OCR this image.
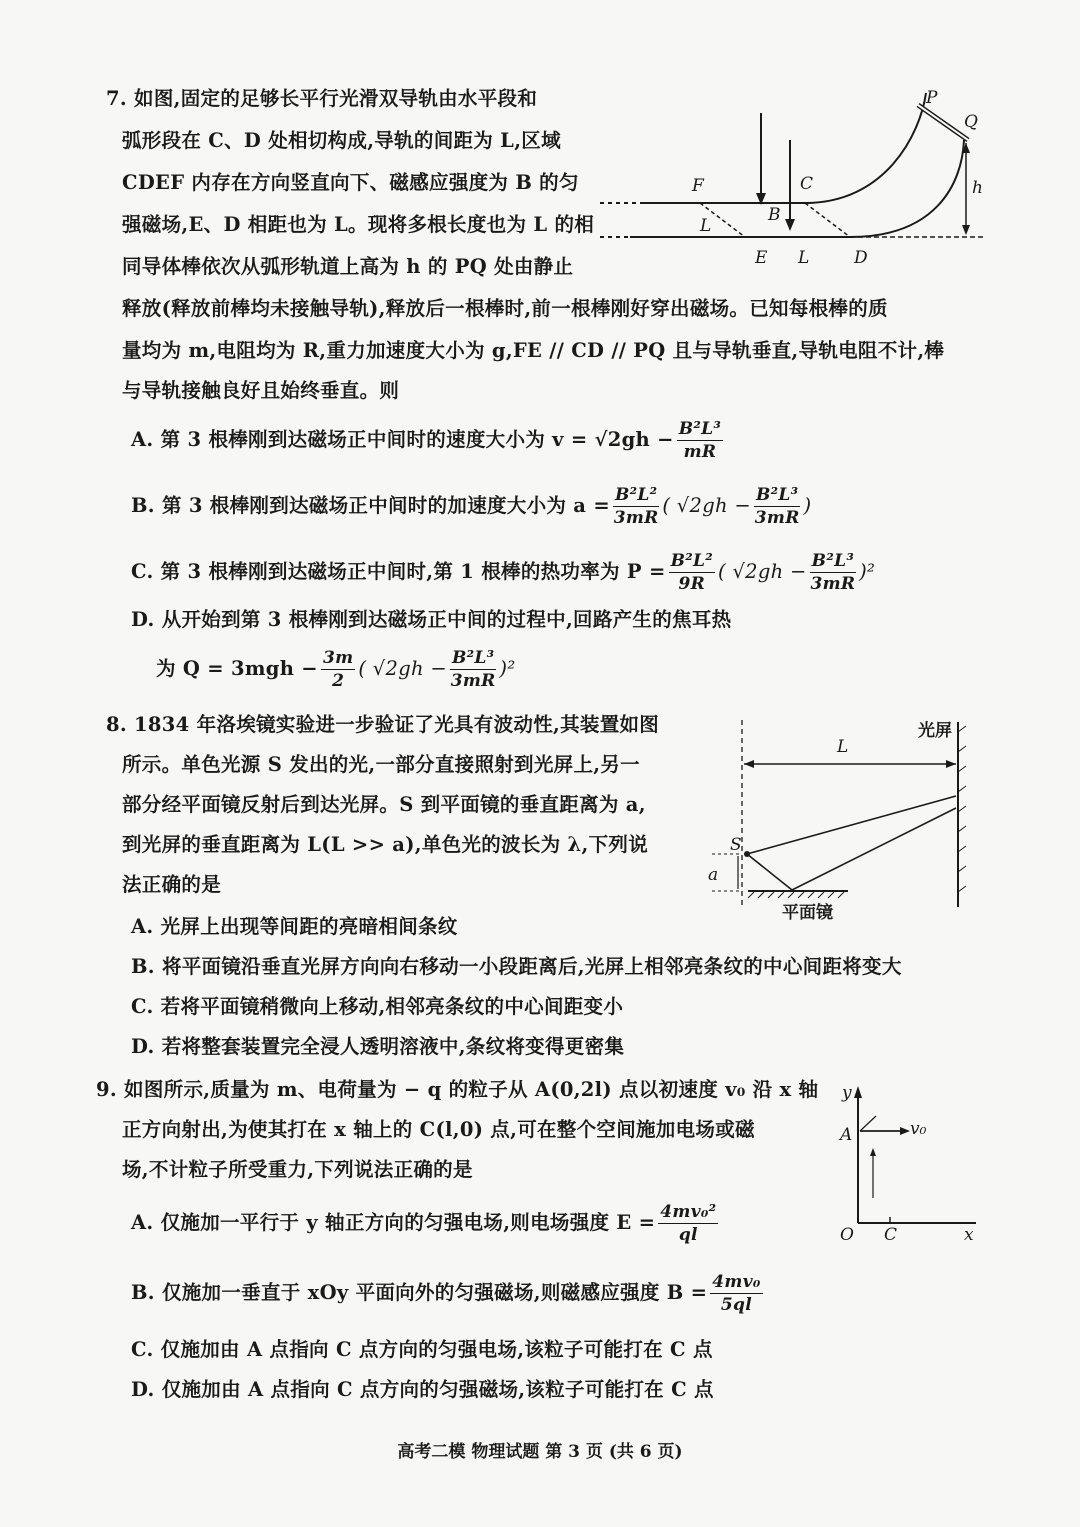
7. 如图,固定的足够长平行光滑双导轨由水平段和
弧形段在 C、D 处相切构成,导轨的间距为 L,区域
CDEF 内存在方向竖直向下、磁感应强度为 B 的匀
强磁场,E、D 相距也为 L。现将多根长度也为 L 的相
同导体棒依次从弧形轨道上高为 h 的 PQ 处由静止
释放(释放前棒均未接触导轨),释放后一根棒时,前一根棒刚好穿出磁场。已知每根棒的质
量均为 m,电阻均为 R,重力加速度大小为 g,FE // CD // PQ 且与导轨垂直,导轨电阻不计,棒
与导轨接触良好且始终垂直。则
P
Q
F	C
B
h
L
E L	D
A. 第 3 根棒刚到达磁场正中间时的速度大小为 $v = √2gh - \frac{\text{B²L³}}{mR}$
B. 第 3 根棒刚到达磁场正中间时的加速度大小为 $a = \frac{\text{B²L²}}{3mR}$ ( $√2gh - \frac{\text{B²L³}}{3mR}$ )
C. 第 3 根棒刚到达磁场正中间时,第 1 根棒的热功率为 $P = \frac{\text{B²L²}}{9R}$ ( $√2gh - \frac{\text{B²L³}}{3mR} )^2$
D. 从开始到第 3 根棒刚到达磁场正中间的过程中,回路产生的焦耳热
为 $Q = 3mgh - \frac{3m}{2}$ ( $√2gh - \frac{\text{B²L³}}{3mR} )^2$
8. 1834 年洛埃镜实验进一步验证了光具有波动性,其装置如图
所示。单色光源 S 发出的光,一部分直接照射到光屏上,另一
部分经平面镜反射后到达光屏。S 到平面镜的垂直距离为 a,
到光屏的垂直距离为 L(L >> a),单色光的波长为 λ,下列说
法正确的是
光屏
L
S
平面镜
a
A. 光屏上出现等间距的亮暗相间条纹
B. 将平面镜沿垂直光屏方向向右移动一小段距离后,光屏上相邻亮条纹的中心间距将变大
C. 若将平面镜稍微向上移动,相邻亮条纹的中心间距变小
D. 若将整套装置完全浸人透明溶液中,条纹将变得更密集
9. 如图所示,质量为 m、电荷量为 − q 的粒子从 A(0,2l) 点以初速度 v₀ 沿 x 轴
正方向射出,为使其打在 x 轴上的 C(l,0) 点,可在整个空间施加电场或磁
场,不计粒子所受重力,下列说法正确的是
y
A	v₀
O C	x
A. 仅施加一平行于 y 轴正方向的匀强电场,则电场强度 $E = \frac{\text{4mv₀²}}{ql}$
B. 仅施加一垂直于 xOy 平面向外的匀强磁场,则磁感应强度 $B = \frac{\text{4mv₀}}{5ql}$
C. 仅施加由 A 点指向 C 点方向的匀强电场,该粒子可能打在 C 点
D. 仅施加由 A 点指向 C 点方向的匀强磁场,该粒子可能打在 C 点
高考二模 物理试题 第 3 页 (共 6 页)
